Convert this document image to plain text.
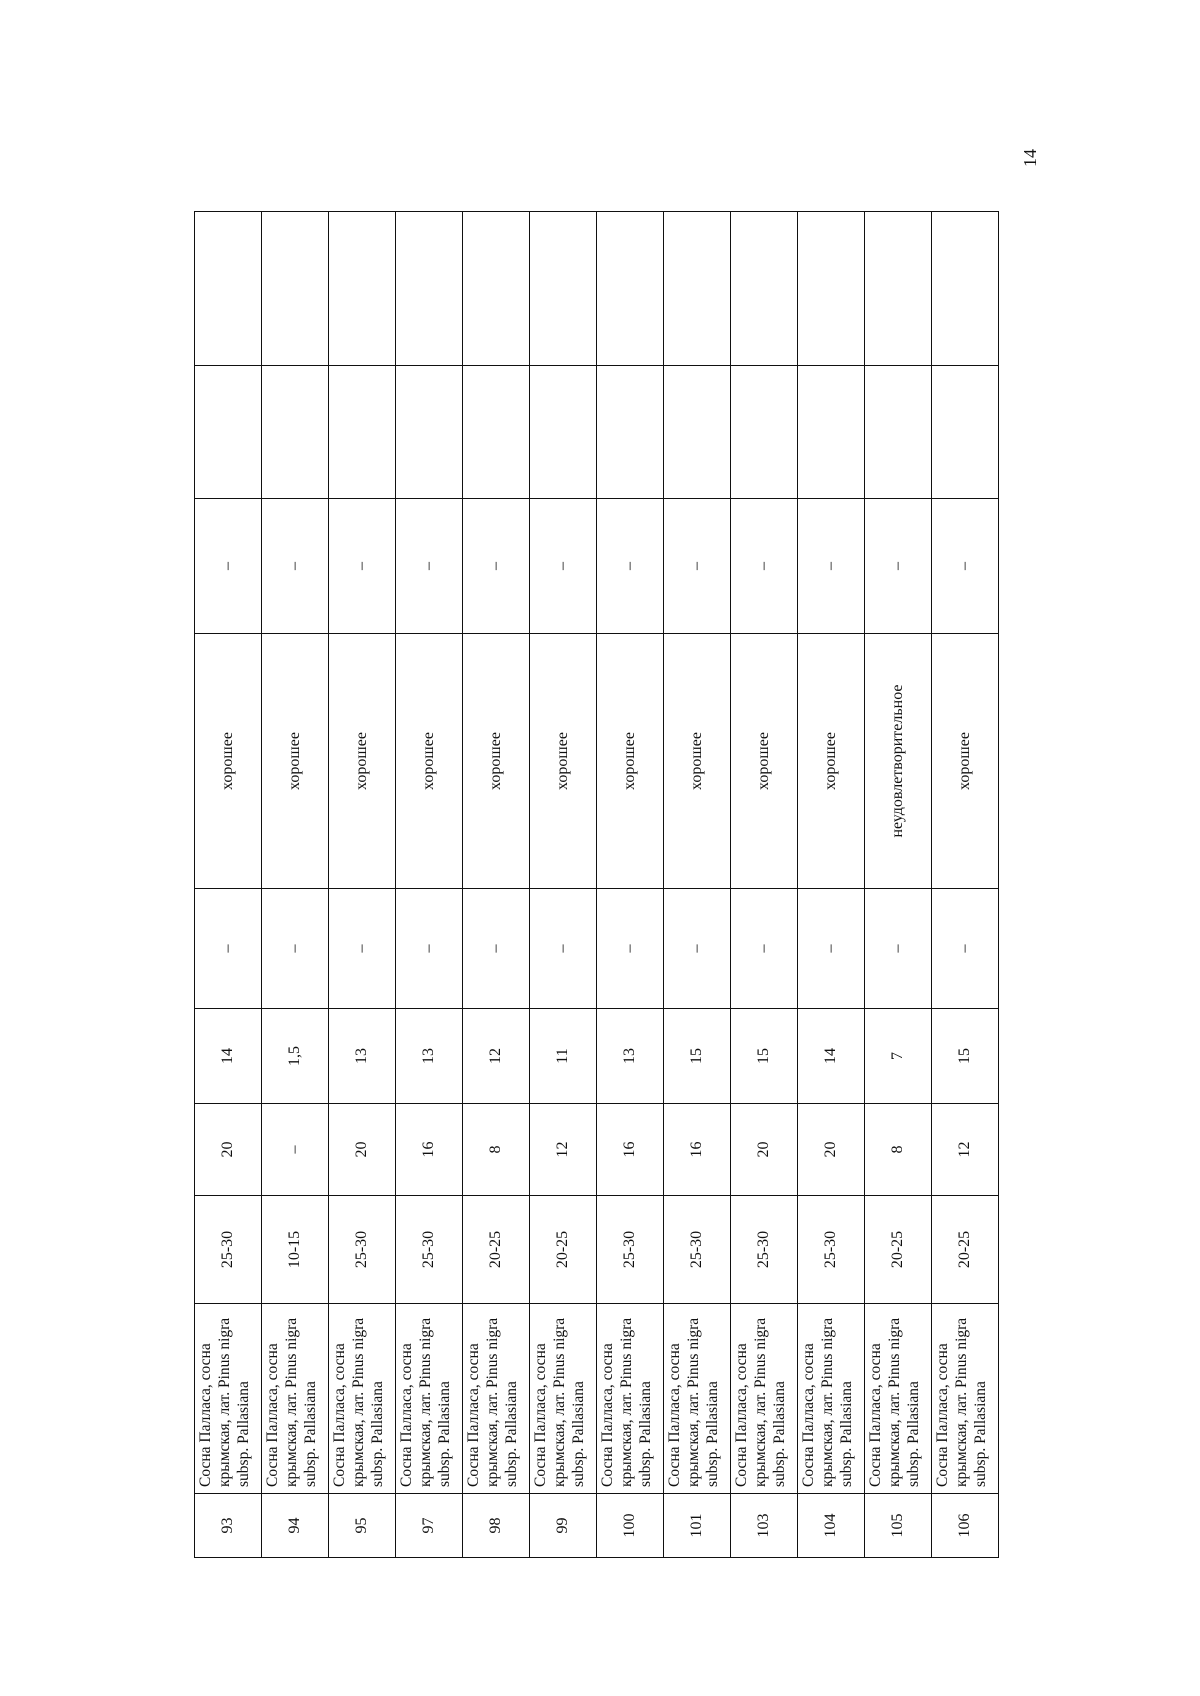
14
93	Сосна Палласа, сосна крымская, лат. Pinus nigra subsp. Pallasiana	25-30	20	14	–	хорошее	–		
94	Сосна Палласа, сосна крымская, лат. Pinus nigra subsp. Pallasiana	10-15	–	1,5	–	хорошее	–		
95	Сосна Палласа, сосна крымская, лат. Pinus nigra subsp. Pallasiana	25-30	20	13	–	хорошее	–		
97	Сосна Палласа, сосна крымская, лат. Pinus nigra subsp. Pallasiana	25-30	16	13	–	хорошее	–		
98	Сосна Палласа, сосна крымская, лат. Pinus nigra subsp. Pallasiana	20-25	8	12	–	хорошее	–		
99	Сосна Палласа, сосна крымская, лат. Pinus nigra subsp. Pallasiana	20-25	12	11	–	хорошее	–		
100	Сосна Палласа, сосна крымская, лат. Pinus nigra subsp. Pallasiana	25-30	16	13	–	хорошее	–		
101	Сосна Палласа, сосна крымская, лат. Pinus nigra subsp. Pallasiana	25-30	16	15	–	хорошее	–		
103	Сосна Палласа, сосна крымская, лат. Pinus nigra subsp. Pallasiana	25-30	20	15	–	хорошее	–		
104	Сосна Палласа, сосна крымская, лат. Pinus nigra subsp. Pallasiana	25-30	20	14	–	хорошее	–		
105	Сосна Палласа, сосна крымская, лат. Pinus nigra subsp. Pallasiana	20-25	8	7	–	неудовлетворительное	–		
106	Сосна Палласа, сосна крымская, лат. Pinus nigra subsp. Pallasiana	20-25	12	15	–	хорошее	–		
